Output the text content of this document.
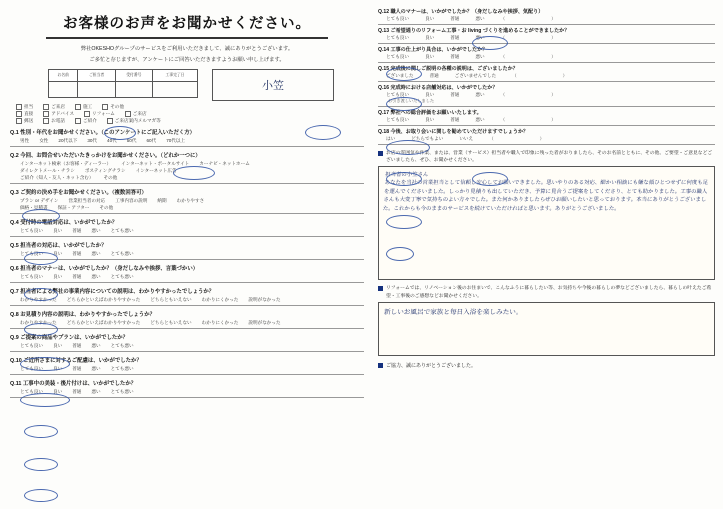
お客様のお声をお聞かせください。
弊社OKESHOグループのサービスをご利用いただきまして、誠にありがとうございます。
ご多忙と存じますが、アンケートにご回答いただきますようお願い申し上げます。
お名前	ご担当者	受付番号	工事完了日

小笠
担当	ご来店	施工	その他
直接	アドバイス	リフォーム	ご来店
郵送	お電話	ご紹介	ご来店案内メルマガ等
Q.1 性別・年代をお聞かせください。（このアンケートにご記入いただく方）
男性 女性 20代以下 30代 40代 50代 60代 70代以上
Q.2 今回、お問合せいただいたきっかけをお聞かせください。（どれか一つに）
インターネット検索（お客様・ディーラー） インターネット・ポータルサイト カーナビ・ネットホーム
ダイレクトメール・チラシ ポスティングチラシ インターネット広告
ご紹介（知人・友人・ネット含む） その他
Q.3 ご契約の決め手をお聞かせください。（複数回答可）
プラン or デザイン 営業担当者の対応 工事内容の説明 納期 わかりやすさ
価格・見積書 保証・アフター その他
Q.4 受付時の電話対応は、いかがでしたか？
とても良い 良い 普通 悪い とても悪い
Q.5 担当者の対応は、いかがでしたか？
とても良い 良い 普通 悪い とても悪い
Q.6 担当者のマナーは、いかがでしたか？（身だしなみや挨拶、言葉づかい）
とても良い 良い 普通 悪い とても悪い
Q.7 担当者による弊社の事業内容についての説明は、わかりやすかったでしょうか？
わかりやすかった どちらかといえばわかりやすかった どちらともいえない わかりにくかった 説明がなかった
Q.8 お見積り内容の説明は、わかりやすかったでしょうか？
わかりやすかった どちらかといえばわかりやすかった どちらともいえない わかりにくかった 説明がなかった
Q.9 ご提案の商品やプランは、いかがでしたか？
とても良い 良い 普通 悪い とても悪い
Q.10 ご近所さまに対するご配慮は、いかがでしたか？
とても良い 良い 普通 悪い とても悪い
Q.11 工事中の美装・後片付けは、いかがでしたか？
とても良い 良い 普通 悪い とても悪い
Q.12 職人のマナーは、いかがでしたか？（身だしなみや挨拶、気配り）
とても良い	良い	普通	悪い	（　　　　　　　　　　）
Q.13 ご希望通りのリフォーム工事・お living づくりを進めることができましたか？
とても良い	良い	普通	悪い	（　　　　　　　　　　）
Q.14 工事の仕上がり具合は、いかがでしたか？
とても良い	良い	普通	悪い	（　　　　　　　　　　）
Q.15 完成後に関しご説明の各種の説明は、ございましたか？
ございました	普通	ございませんでした	（　　　　　　　　　　）
Q.16 完成時における店舗対応は、いかがでしたか？
とても良い	良い	普通	悪い	（　　　　　　　　　　）
お引き渡しいたしました
Q.17 弊社への総合評価をお願いいたします。
とても良い	良い	普通	悪い	（　　　　　　　　　　）
Q.18 今後、お取り会いに関しを勧めていただけますでしょうか？
はい	どちらでもよい	いいえ	（　　　　　　　　　　）
お店の雰囲気や作業、または、営業（サービス）担当者や職人で印象に残った者がおりましたら、そのお名前とともに、その他、ご要望・ご意見などございましたら、ぜひ、お聞かせください。
担当者の小笠さん
あなたを当社の営業担当として信頼し安心してお願いできました。思いやりのある対応、細かい相談にも嫌な顔ひとつせずに何度も足を運んでくださいました。しっかり見積りも出していただき、予算に見合うご提案をしてくださり、とても助かりました。工事の職人さんも大変丁寧で気持ちのよい方々でした。また何かありましたらぜひお願いしたいと思っております。本当にありがとうございました。これからも今のままのサービスを続けていただければと思います。ありがとうございました。
リフォームでは、リノベーション後のお住まいで、こんなふうに暮らしたい等、お気持ちや今後の暮らしの夢などございましたら、暮らしの叶えたご希望・工事後のご感想などお聞かせください。
新しいお風呂で家族と毎日入浴を楽しみたい。
ご協力、誠にありがとうございました。
